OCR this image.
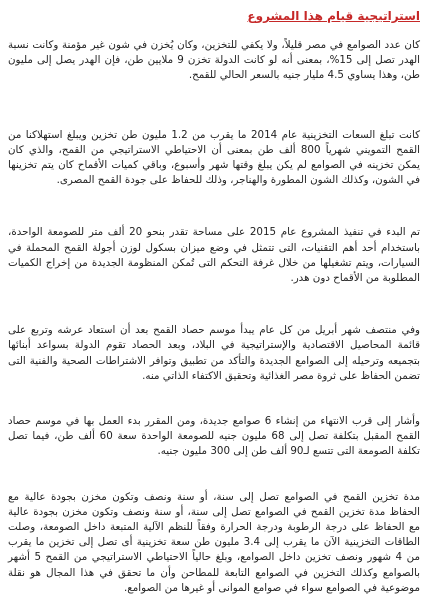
استراتيجية قيام هذا المشروع

كان عدد الصوامع في مصر قليلاً، ولا يكفي للتخزين، وكان يُخزن في شون غير مؤمنة وكانت نسبة الهدر تصل إلى 15%، بمعنى أنه لو كانت الدولة تخزن 9 ملايين طن، فإن الهدر يصل إلى مليون طن، وهذا يساوي 4.5 مليار جنيه بالسعر الحالي للقمح.

كانت تبلغ السعات التخزينية عام 2014 ما يقرب من 1.2 مليون طن تخزين ويبلغ استهلاكنا من القمح التمويني شهرياً 800 ألف طن بمعنى أن الاحتياطي الاستراتيجي من القمح، والذي كان يمكن تخزينه في الصوامع لم يكن يبلغ وقتها شهر وأسبوع، وباقي كميات الأقماح كان يتم تخزينها في الشون، وكذلك الشون المطورة والهناجر، وذلك للحفاظ على جودة القمح المصرى.

تم البدء في تنفيذ المشروع عام 2015 على مساحة تقدر بنحو 20 ألف متر للصومعة الواحدة، باستخدام أحد أهم التقنيات، التى تتمثل في وضع ميزان بسكول لوزن أجولة القمح المحملة في السيارات، ويتم تشغيلها من خلال غرفة التحكم التى تُمكن المنظومة الجديدة من إخراج الكميات المطلوبة من الأقماح دون هدر.

وفي منتصف شهر أبريل من كل عام يبدأ موسم حصاد القمح بعد أن استعاد عرشه وتربع على قائمة المحاصيل الاقتصادية والإستراتيجية في البلاد، وبعد الحصاد تقوم الدولة بسواعد أبنائها بتجميعه وترحيله إلى الصوامع الجديدة والتأكد من تطبيق وتوافر الاشتراطات الصحية والفنية التى تضمن الحفاظ على ثروة مصر الغذائية وتحقيق الاكتفاء الذاتي منه.

وأشار إلى قرب الانتهاء من إنشاء 6 صوامع جديدة، ومن المقرر بدء العمل بها في موسم حصاد القمح المقبل بتكلفة تصل إلى 68 مليون جنيه للصومعة الواحدة سعة 60 ألف طن، فيما تصل تكلفة الصومعة التى تتسع لـ90 ألف طن إلى 300 مليون جنيه.

مدة تخزين القمح في الصوامع تصل إلى سنة، أو سنة ونصف وتكون مخزن بجودة عالية مع الحفاظ مدة تخزين القمح في الصوامع تصل إلى سنة، أو سنة ونصف وتكون مخزن بجودة عالية مع الحفاظ على درجة الرطوبة ودرجة الحرارة وفقاً للنظم الآلية المتبعة داخل الصومعة، وصلت الطاقات التخزينية الآن ما يقرب إلى 3.4 مليون طن سعة تخزينية أى تصل إلى تخزين ما يقرب من 4 شهور ونصف تخزين داخل الصوامع، وبلغ حالياً الاحتياطي الاستراتيجي من القمح 5 أشهر بالصوامع وكذلك التخزين في الصوامع التابعة للمطاحن وأن ما تحقق في هذا المجال هو نقلة موضوعية في الصوامع سواء في صوامع الموانى أو غيرها من الصوامع.
